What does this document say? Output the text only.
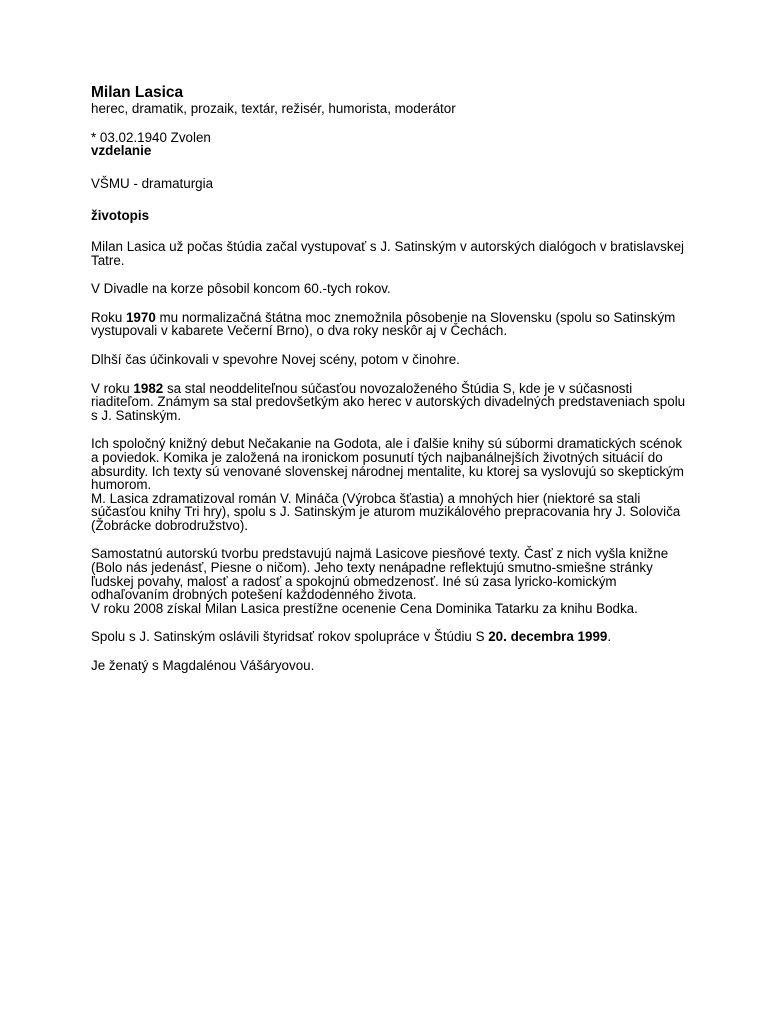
Milan Lasica
herec, dramatik, prozaik, textár, režisér, humorista, moderátor
* 03.02.1940 Zvolen
vzdelanie
VŠMU - dramaturgia
životopis
Milan Lasica už počas štúdia začal vystupovať s J. Satinským v autorských dialógoch v bratislavskej Tatre.
V Divadle na korze pôsobil koncom 60.-tych rokov.
Roku 1970 mu normalizačná štátna moc znemožnila pôsobenie na Slovensku (spolu so Satinským vystupovali v kabarete Večerní Brno), o dva roky neskôr aj v Čechách.
Dlhší čas účinkovali v spevohre Novej scény, potom v činohre.
V roku 1982 sa stal neoddeliteľnou súčasťou novozaloženého Štúdia S, kde je v súčasnosti riaditeľom. Známym sa stal predovšetkým ako herec v autorských divadelných predstaveniach spolu s J. Satinským.
Ich spoločný knižný debut Nečakanie na Godota, ale i ďalšie knihy sú súbormi dramatických scénok a poviedok. Komika je založená na ironickom posunutí tých najbanálnejších životných situácií do absurdity. Ich texty sú venované slovenskej národnej mentalite, ku ktorej sa vyslovujú so skeptickým humorom.
M. Lasica zdramatizoval román V. Mináča (Výrobca šťastia) a mnohých hier (niektoré sa stali súčasťou knihy Tri hry), spolu s J. Satinským je aturom muzikálového prepracovania hry J. Soloviča (Žobrácke dobrodružstvo).
Samostatnú autorskú tvorbu predstavujú najmä Lasicove piesňové texty. Časť z nich vyšla knižne (Bolo nás jedenásť, Piesne o ničom). Jeho texty nenápadne reflektujú smutno-smiešne stránky ľudskej povahy, malosť a radosť a spokojnú obmedzenosť. Iné sú zasa lyricko-komickým odhaľovaním drobných potešení každodenného života.
V roku 2008 získal Milan Lasica prestížne ocenenie Cena Dominika Tatarku za knihu Bodka.
Spolu s J. Satinským oslávili štyridsať rokov spolupráce v Štúdiu S 20. decembra 1999.
Je ženatý s Magdalénou Vášáryovou.
